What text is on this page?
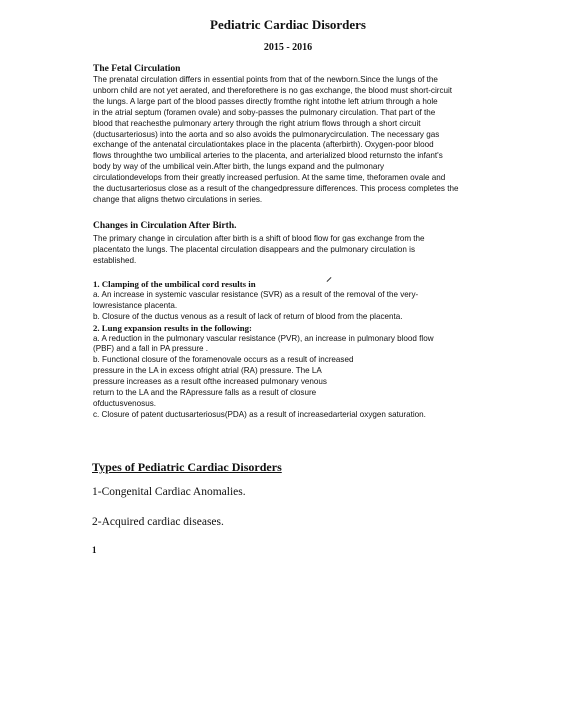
Pediatric Cardiac Disorders
2015 - 2016
The Fetal Circulation
The prenatal circulation differs in essential points from that of the newborn.Since the lungs of the
unborn child are not yet aerated, and thereforethere is no gas exchange, the blood must short-circuit
the lungs. A large part of the blood passes directly fromthe right intothe left atrium through a hole
in the atrial septum (foramen ovale) and soby-passes the pulmonary circulation. That part of the
blood that reachesthe pulmonary artery through the right atrium flows through a short circuit
(ductusarteriosus) into the aorta and so also avoids the pulmonarycirculation. The necessary gas
exchange of the antenatal circulationtakes place in the placenta (afterbirth). Oxygen-poor blood
flows throughthe two umbilical arteries to the placenta, and arterialized blood returnsto the infant's
body by way of the umbilical vein.After birth, the lungs expand and the pulmonary
circulationdevelops from their greatly increased perfusion. At the same time, theforamen ovale and
the ductusarteriosus close as a result of the changedpressure differences. This process completes the
change that aligns thetwo circulations in series.
Changes in Circulation After Birth.
The primary change in circulation after birth is a shift of blood flow for gas exchange from the
placentato the lungs. The placental circulation disappears and the pulmonary circulation is
established.
1. Clamping of the umbilical cord results in
a. An increase in systemic vascular resistance (SVR) as a result of the removal of the very-
lowresistance placenta.
b. Closure of the ductus venous as a result of lack of return of blood from the placenta.
2. Lung expansion results in the following:
a. A reduction in the pulmonary vascular resistance (PVR), an increase in pulmonary blood flow
(PBF) and a fall in PA pressure .
b. Functional closure of the foramenovale occurs as a result of increased
pressure in the LA in excess ofright atrial (RA) pressure. The LA
pressure increases as a result ofthe increased pulmonary venous
return to the LA and the RApressure falls as a result of closure
ofductusvenosus.
c. Closure of patent ductusarteriosus(PDA) as a result of increasedarterial oxygen saturation.
Types of Pediatric Cardiac Disorders
1-Congenital Cardiac Anomalies.
2-Acquired cardiac diseases.
1
